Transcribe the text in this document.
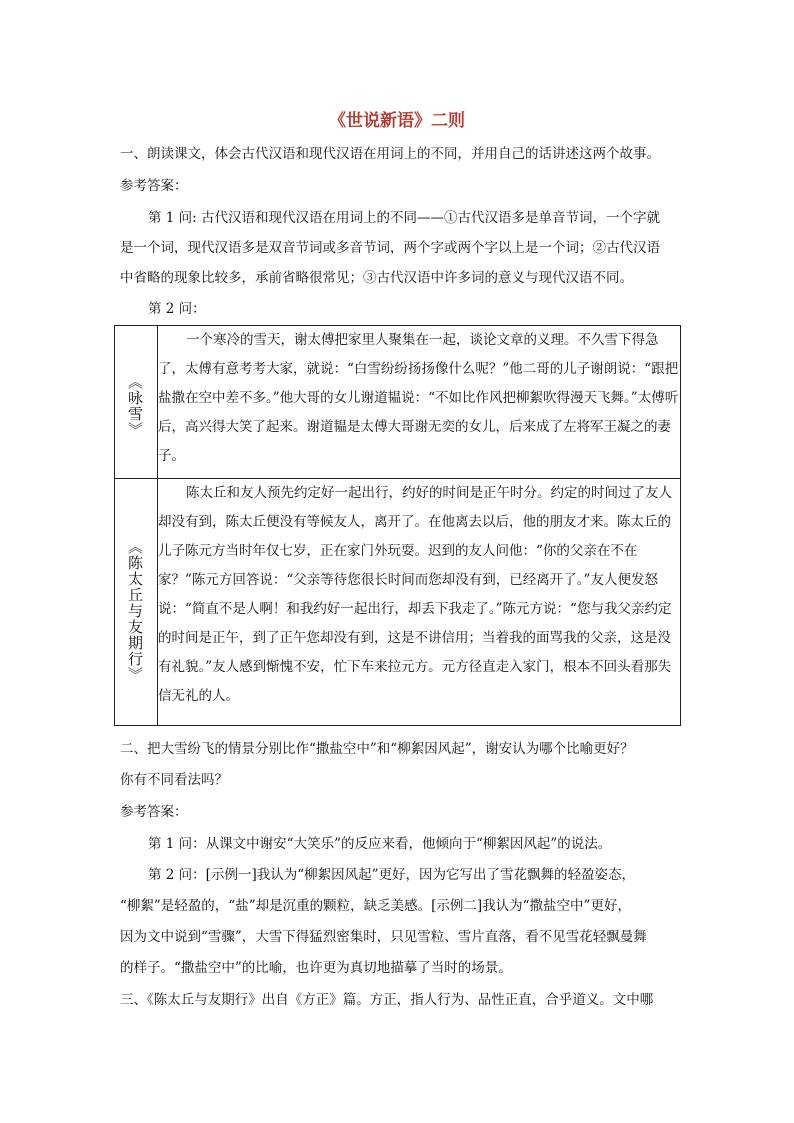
《世说新语》二则
一、朗读课文，体会古代汉语和现代汉语在用词上的不同，并用自己的话讲述这两个故事。
参考答案：
第 1 问: 古代汉语和现代汉语在用词上的不同——①古代汉语多是单音节词，一个字就
是一个词，现代汉语多是双音节词或多音节词，两个字或两个字以上是一个词；②古代汉语
中省略的现象比较多，承前省略很常见；③古代汉语中许多词的意义与现代汉语不同。
第 2 问：
《咏雪》	一个寒冷的雪天，谢太傅把家里人聚集在一起，谈论文章的义理。不久雪下得急了，太傅有意考考大家，就说：“白雪纷纷扬扬像什么呢？”他二哥的儿子谢朗说：“跟把盐撒在空中差不多。”他大哥的女儿谢道韫说：“不如比作风把柳絮吹得漫天飞舞。”太傅听后，高兴得大笑了起来。谢道韫是太傅大哥谢无奕的女儿，后来成了左将军王凝之的妻子。

《陈太丘与友期行》	陈太丘和友人预先约定好一起出行，约好的时间是正午时分。约定的时间过了友人却没有到，陈太丘便没有等候友人，离开了。在他离去以后，他的朋友才来。陈太丘的儿子陈元方当时年仅七岁，正在家门外玩耍。迟到的友人问他：“你的父亲在不在家？”陈元方回答说：“父亲等待您很长时间而您却没有到，已经离开了。”友人便发怒说：“简直不是人啊！和我约好一起出行，却丢下我走了。”陈元方说：“您与我父亲约定的时间是正午，到了正午您却没有到，这是不讲信用；当着我的面骂我的父亲，这是没有礼貌。”友人感到惭愧不安，忙下车来拉元方。元方径直走入家门，根本不回头看那失信无礼的人。

二、把大雪纷飞的情景分别比作“撒盐空中”和“柳絮因风起”，谢安认为哪个比喻更好？
你有不同看法吗？
参考答案：
第 1 问：从课文中谢安“大笑乐”的反应来看，他倾向于“柳絮因风起”的说法。
第 2 问：[示例一]我认为“柳絮因风起”更好，因为它写出了雪花飘舞的轻盈姿态，
“柳絮”是轻盈的，“盐”却是沉重的颗粒，缺乏美感。[示例二]我认为“撒盐空中”更好，
因为文中说到“雪骤”，大雪下得猛烈密集时，只见雪粒、雪片直落，看不见雪花轻飘曼舞
的样子。“撒盐空中”的比喻，也许更为真切地描摹了当时的场景。
三、《陈太丘与友期行》出自《方正》篇。方正，指人行为、品性正直，合乎道义。文中哪
